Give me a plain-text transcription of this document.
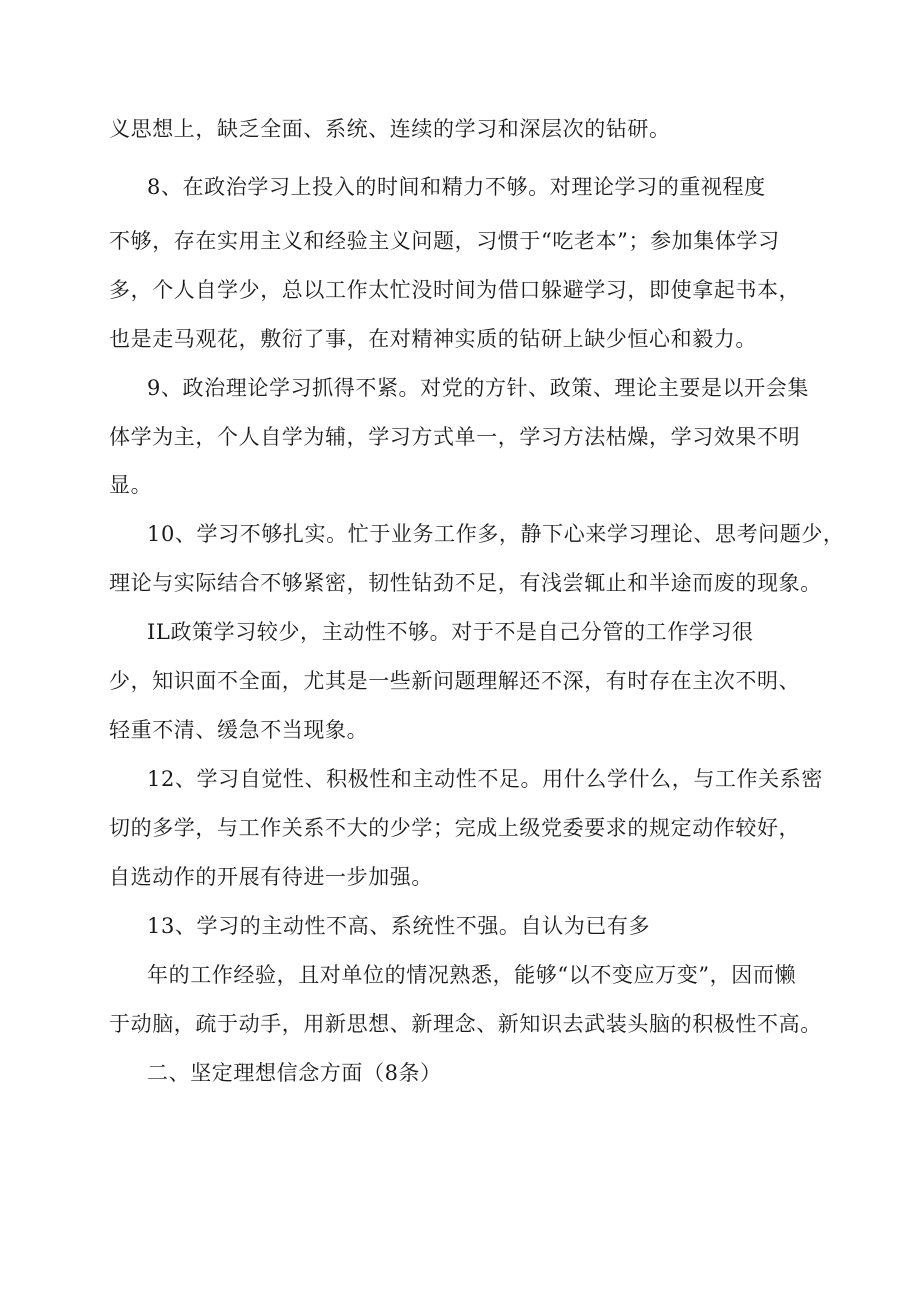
义思想上，缺乏全面、系统、连续的学习和深层次的钻研。
8、在政治学习上投入的时间和精力不够。对理论学习的重视程度
不够，存在实用主义和经验主义问题，习惯于“吃老本”；参加集体学习
多，个人自学少，总以工作太忙没时间为借口躲避学习，即使拿起书本，
也是走马观花，敷衍了事，在对精神实质的钻研上缺少恒心和毅力。
9、政治理论学习抓得不紧。对党的方针、政策、理论主要是以开会集
体学为主，个人自学为辅，学习方式单一，学习方法枯燥，学习效果不明
显。
10、学习不够扎实。忙于业务工作多，静下心来学习理论、思考问题少，
理论与实际结合不够紧密，韧性钻劲不足，有浅尝辄止和半途而废的现象。
IL政策学习较少，主动性不够。对于不是自己分管的工作学习很
少，知识面不全面，尤其是一些新问题理解还不深，有时存在主次不明、
轻重不清、缓急不当现象。
12、学习自觉性、积极性和主动性不足。用什么学什么，与工作关系密
切的多学，与工作关系不大的少学；完成上级党委要求的规定动作较好，
自选动作的开展有待进一步加强。
13、学习的主动性不高、系统性不强。自认为已有多
年的工作经验，且对单位的情况熟悉，能够“以不变应万变”，因而懒
于动脑，疏于动手，用新思想、新理念、新知识去武装头脑的积极性不高。
二、坚定理想信念方面（8条）
